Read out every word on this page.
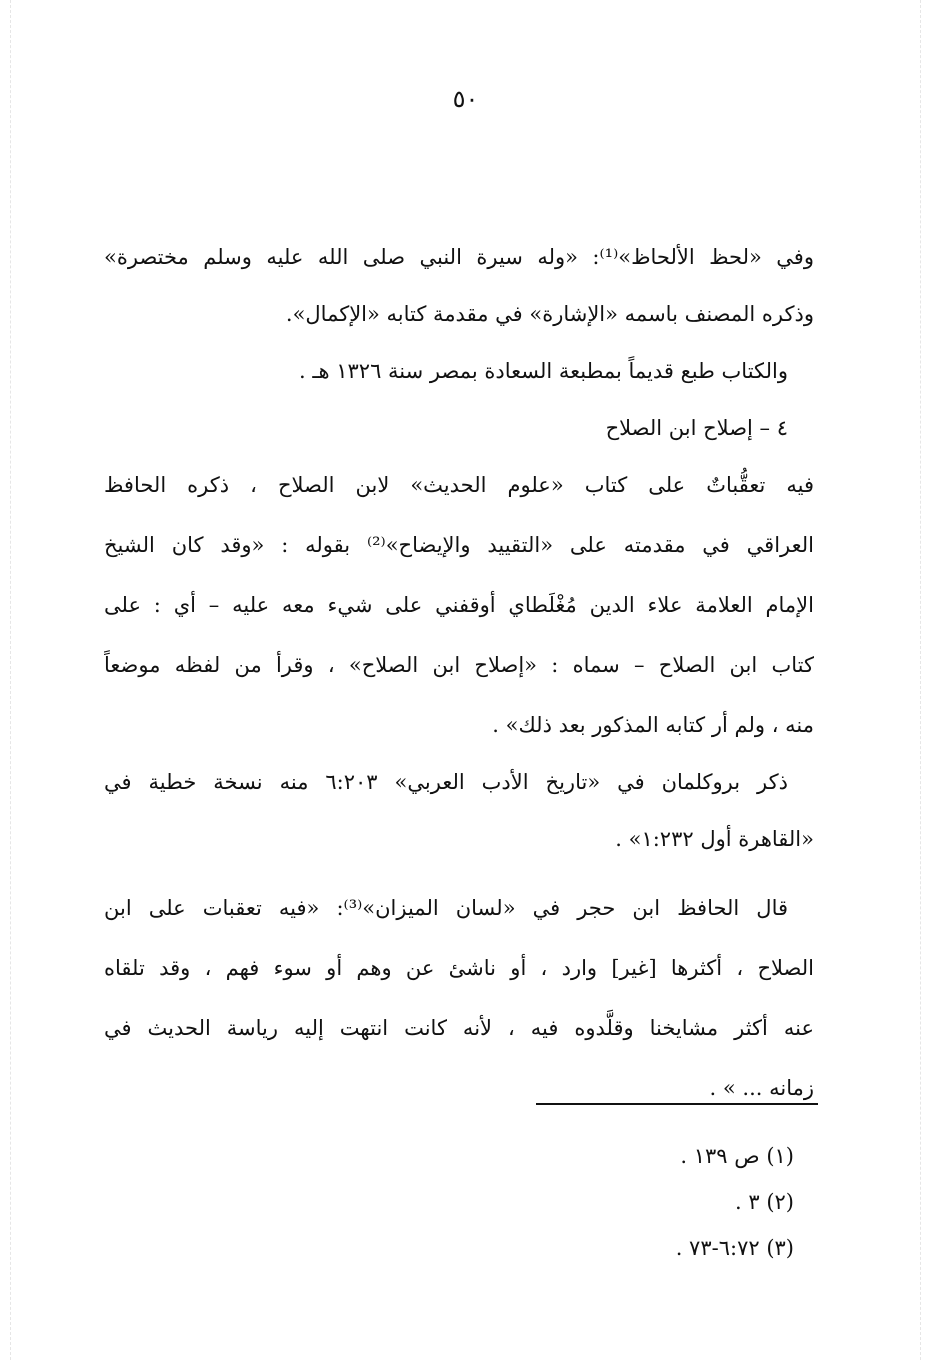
٥٠
وفي «لحظ الألحاظ»⁽¹⁾: «وله سيرة النبي صلى الله عليه وسلم مختصرة»
وذكره المصنف باسمه «الإشارة» في مقدمة كتابه «الإكمال».
والكتاب طبع قديماً بمطبعة السعادة بمصر سنة ١٣٢٦ هـ .
٤ – إصلاح ابن الصلاح
فيه تعقُّباتٌ على كتاب «علوم الحديث» لابن الصلاح ، ذكره الحافظ
العراقي في مقدمته على «التقييد والإيضاح»⁽²⁾ بقوله : «وقد كان الشيخ
الإمام العلامة علاء الدين مُغْلَطاي أوقفني على شيء معه عليه – أي : على
كتاب ابن الصلاح – سماه : «إصلاح ابن الصلاح» ، وقرأ من لفظه موضعاً
منه ، ولم أر كتابه المذكور بعد ذلك» .
ذكر بروكلمان في «تاريخ الأدب العربي» ٦:٢٠٣ منه نسخة خطية في
«القاهرة أول ١:٢٣٢» .
قال الحافظ ابن حجر في «لسان الميزان»⁽³⁾: «فيه تعقبات على ابن
الصلاح ، أكثرها [غير] وارد ، أو ناشئ عن وهم أو سوء فهم ، وقد تلقاه
عنه أكثر مشايخنا وقلَّدوه فيه ، لأنه كانت انتهت إليه رياسة الحديث في
زمانه ... » .
(١) ص ١٣٩ .
(٢) ٣ .
(٣) ٦:٧٢-٧٣ .
